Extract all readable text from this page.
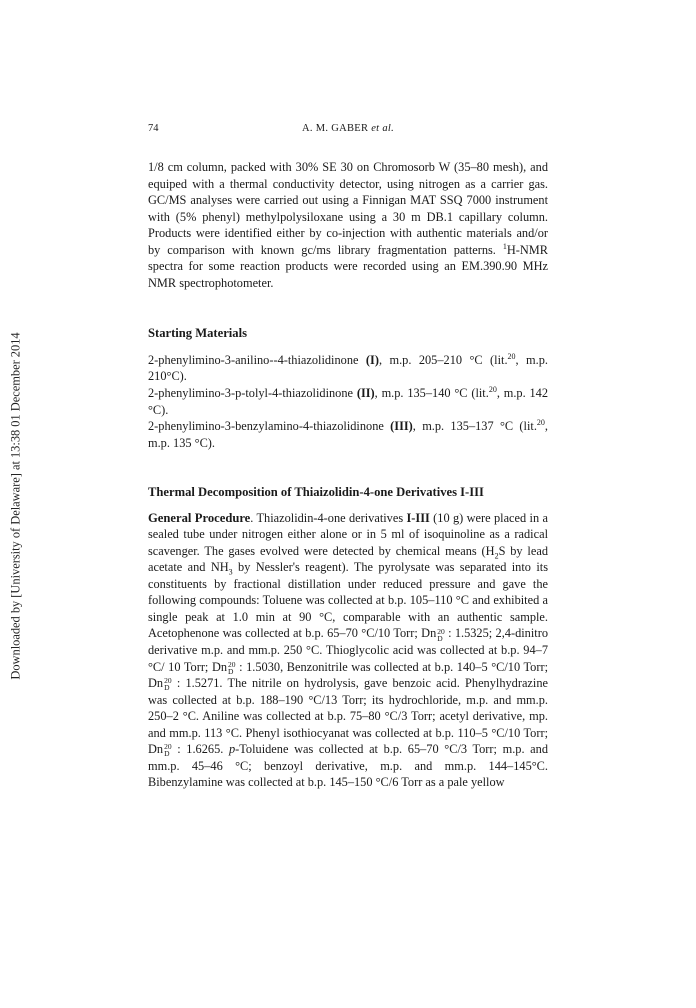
Downloaded by [University of Delaware] at 13:38 01 December 2014
74	A. M. GABER et al.

1/8 cm column, packed with 30% SE 30 on Chromosorb W (35–80 mesh), and equiped with a thermal conductivity detector, using nitrogen as a carrier gas. GC/MS analyses were carried out using a Finnigan MAT SSQ 7000 instrument with (5% phenyl) methylpolysiloxane using a 30 m DB.1 capillary column. Products were identified either by co-injection with authentic materials and/or by comparison with known gc/ms library fragmentation patterns. $^1$H-NMR spectra for some reaction products were recorded using an EM.390.90 MHz NMR spectrophotometer.

Starting Materials

2-phenylimino-3-anilino--4-thiazolidinone (I), m.p. 205–210 °C (lit.$^{20}$, m.p. 210°C).

2-phenylimino-3-p-tolyl-4-thiazolidinone (II), m.p. 135–140 °C (lit.$^{20}$, m.p. 142 °C).

2-phenylimino-3-benzylamino-4-thiazolidinone (III), m.p. 135–137 °C (lit.$^{20}$, m.p. 135 °C).

Thermal Decomposition of Thiaizolidin-4-one Derivatives I-III

General Procedure. Thiazolidin-4-one derivatives I-III (10 g) were placed in a sealed tube under nitrogen either alone or in 5 ml of isoquinoline as a radical scavenger. The gases evolved were detected by chemical means ($H_2S$ by lead acetate and $NH_3$ by Nessler's reagent). The pyrolysate was separated into its constituents by fractional distillation under reduced pressure and gave the following compounds: Toluene was collected at b.p. 105–110 °C and exhibited a single peak at 1.0 min at 90 °C, comparable with an authentic sample. Acetophenone was collected at b.p. 65–70 °C/10 Torr; Dn20
D : 1.5325; 2,4-dinitro derivative m.p. and mm.p. 250 °C. Thioglycolic acid was collected at b.p. 94–7 °C/ 10 Torr; Dn20
D : 1.5030, Benzonitrile was collected at b.p. 140–5 °C/10 Torr; Dn20
D : 1.5271. The nitrile on hydrolysis, gave benzoic acid. Phenylhydrazine was collected at b.p. 188–190 °C/13 Torr; its hydrochloride, m.p. and mm.p. 250–2 °C. Aniline was collected at b.p. 75–80 °C/3 Torr; acetyl derivative, mp. and mm.p. 113 °C. Phenyl isothiocyanat was collected at b.p. 110–5 °C/10 Torr; Dn20
D : 1.6265. p-Toluidene was collected at b.p. 65–70 °C/3 Torr; m.p. and mm.p. 45–46 °C; benzoyl derivative, m.p. and mm.p. 144–145°C. Bibenzylamine was collected at b.p. 145–150 °C/6 Torr as a pale yellow
